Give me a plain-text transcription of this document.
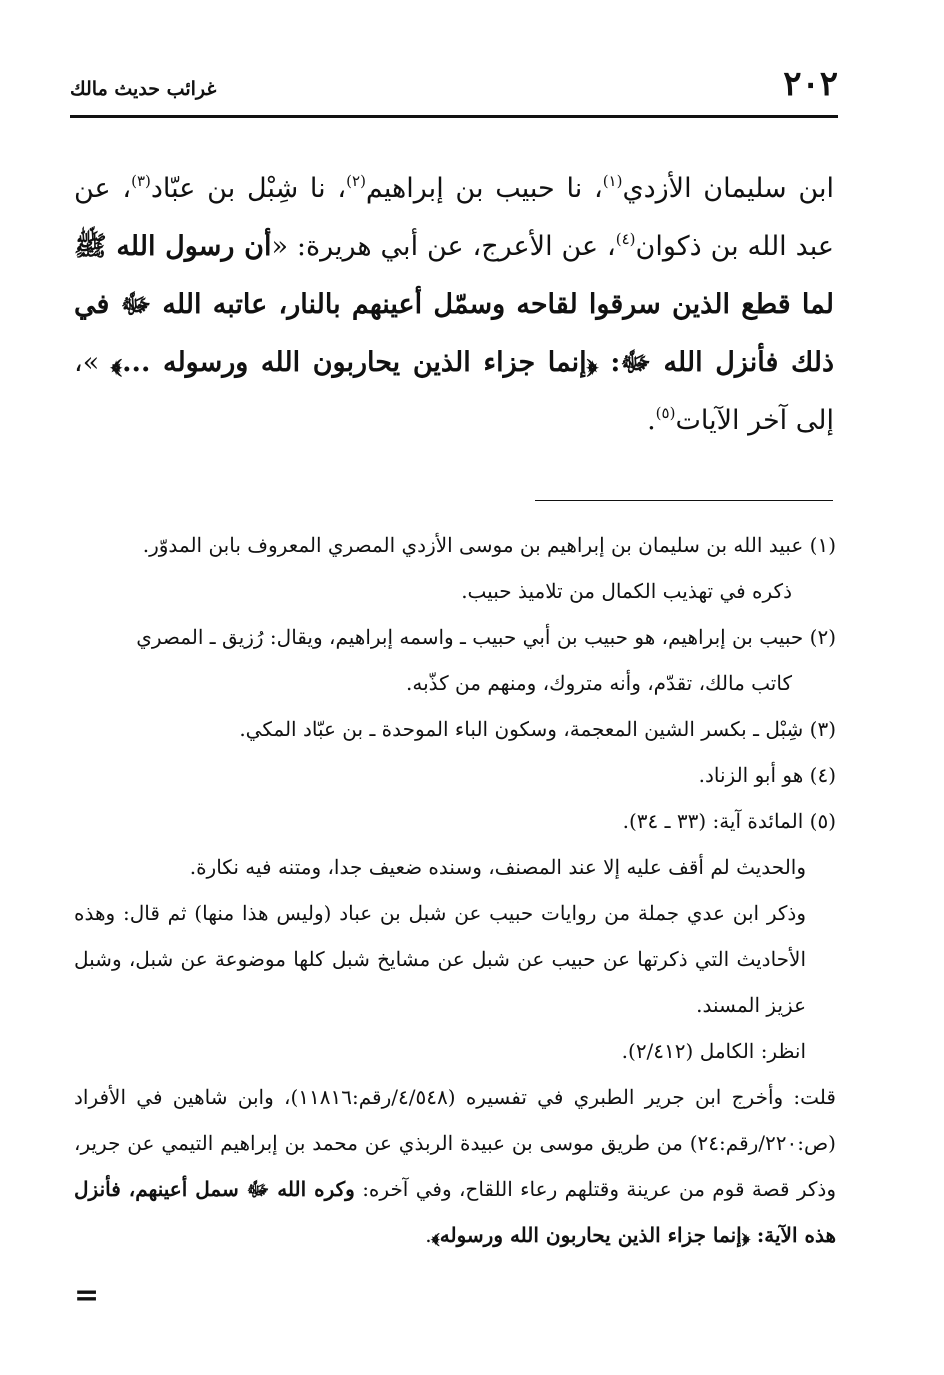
٢٠٢
غرائب حديث مالك

ابن سليمان الأزدي$^{(١)}$، نا حبيب بن إبراهيم$^{(٢)}$، نا شِبْل بن عبّاد$^{(٣)}$، عن عبد الله بن ذكوان$^{(٤)}$، عن الأعرج، عن أبي هريرة: «أن رسول الله ﷺ لما قطع الذين سرقوا لقاحه وسمّل أعينهم بالنار، عاتبه الله ﷻ في ذلك فأنزل الله ﷻ: ﴿إنما جزاء الذين يحاربون الله ورسوله ...﴾ »، إلى آخر الآيات$^{(٥)}$.

(١) عبيد الله بن سليمان بن إبراهيم بن موسى الأزدي المصري المعروف بابن المدوّر.

ذكره في تهذيب الكمال من تلاميذ حبيب.

(٢) حبيب بن إبراهيم، هو حبيب بن أبي حبيب ـ واسمه إبراهيم، ويقال: رُزيق ـ المصري

كاتب مالك، تقدّم، وأنه متروك، ومنهم من كذّبه.

(٣) شِبْل ـ بكسر الشين المعجمة، وسكون الباء الموحدة ـ بن عبّاد المكي.

(٤) هو أبو الزناد.

(٥) المائدة آية: (٣٣ ـ ٣٤).

والحديث لم أقف عليه إلا عند المصنف، وسنده ضعيف جدا، ومتنه فيه نكارة.

وذكر ابن عدي جملة من روايات حبيب عن شبل بن عباد (وليس هذا منها) ثم قال: وهذه الأحاديث التي ذكرتها عن حبيب عن شبل عن مشايخ شبل كلها موضوعة عن شبل، وشبل عزيز المسند.

انظر: الكامل (٢/٤١٢).

قلت: وأخرج ابن جرير الطبري في تفسيره (٤/٥٤٨/رقم:١١٨١٦)، وابن شاهين في الأفراد (ص:٢٢٠/رقم:٢٤) من طريق موسى بن عبيدة الربذي عن محمد بن إبراهيم التيمي عن جرير، وذكر قصة قوم من عرينة وقتلهم رعاء اللقاح، وفي آخره: وكره الله ﷻ سمل أعينهم، فأنزل هذه الآية: ﴿إنما جزاء الذين يحاربون الله ورسوله﴾.

=
